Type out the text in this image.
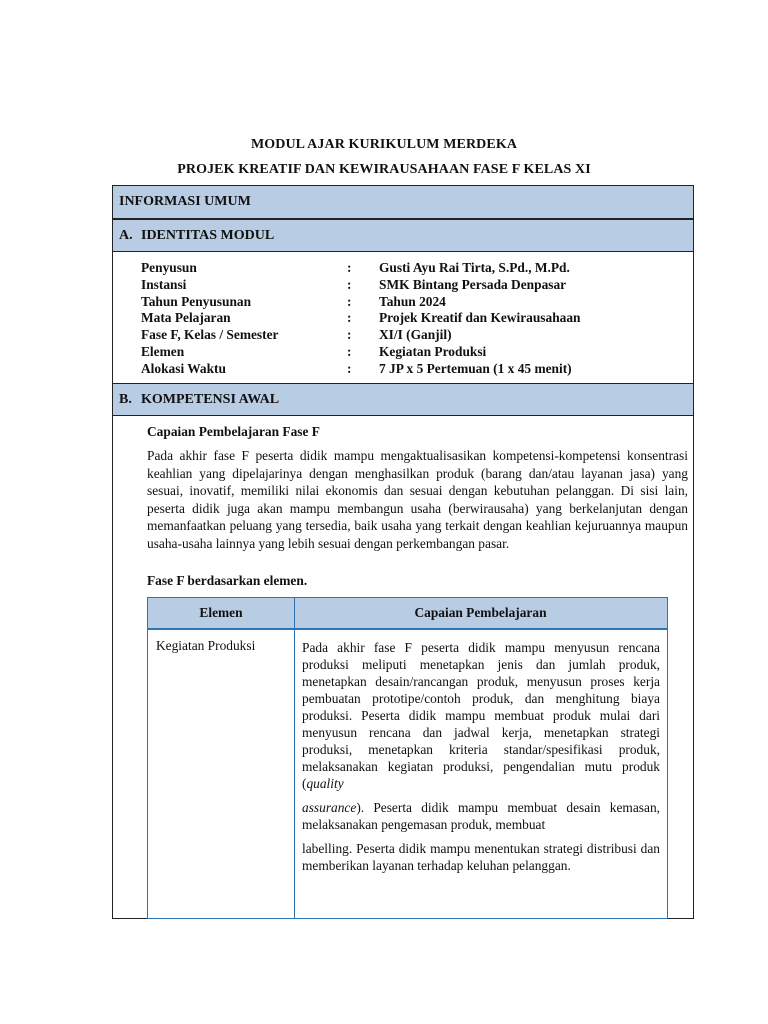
MODUL AJAR KURIKULUM MERDEKA
PROJEK KREATIF DAN KEWIRAUSAHAAN FASE F KELAS XI
INFORMASI UMUM
A. IDENTITAS MODUL
Penyusun	:	Gusti Ayu Rai Tirta, S.Pd., M.Pd.
Instansi	:	SMK Bintang Persada Denpasar
Tahun Penyusunan	:	Tahun 2024
Mata Pelajaran	:	Projek Kreatif dan Kewirausahaan
Fase F, Kelas / Semester	:	XI/I (Ganjil)
Elemen	:	Kegiatan Produksi
Alokasi Waktu	:	7 JP x 5 Pertemuan (1 x 45 menit)
B. KOMPETENSI AWAL
Capaian Pembelajaran Fase F
Pada akhir fase F peserta didik mampu mengaktualisasikan kompetensi-kompetensi konsentrasi keahlian yang dipelajarinya dengan menghasilkan produk (barang dan/atau layanan jasa) yang sesuai, inovatif, memiliki nilai ekonomis dan sesuai dengan kebutuhan pelanggan. Di sisi lain, peserta didik juga akan mampu membangun usaha (berwirausaha) yang berkelanjutan dengan memanfaatkan peluang yang tersedia, baik usaha yang terkait dengan keahlian kejuruannya maupun usaha-usaha lainnya yang lebih sesuai dengan perkembangan pasar.
Fase F berdasarkan elemen.
Elemen	Capaian Pembelajaran
Kegiatan Produksi	Pada akhir fase F peserta didik mampu menyusun rencana produksi meliputi menetapkan jenis dan jumlah produk, menetapkan desain/rancangan produk, menyusun proses kerja pembuatan prototipe/contoh produk, dan menghitung biaya produksi. Peserta didik mampu membuat produk mulai dari menyusun rencana dan jadwal kerja, menetapkan strategi produksi, menetapkan kriteria standar/spesifikasi produk, melaksanakan kegiatan produksi, pengendalian mutu produk (quality

assurance). Peserta didik mampu membuat desain kemasan, melaksanakan pengemasan produk, membuat

labelling. Peserta didik mampu menentukan strategi distribusi dan memberikan layanan terhadap keluhan pelanggan.
